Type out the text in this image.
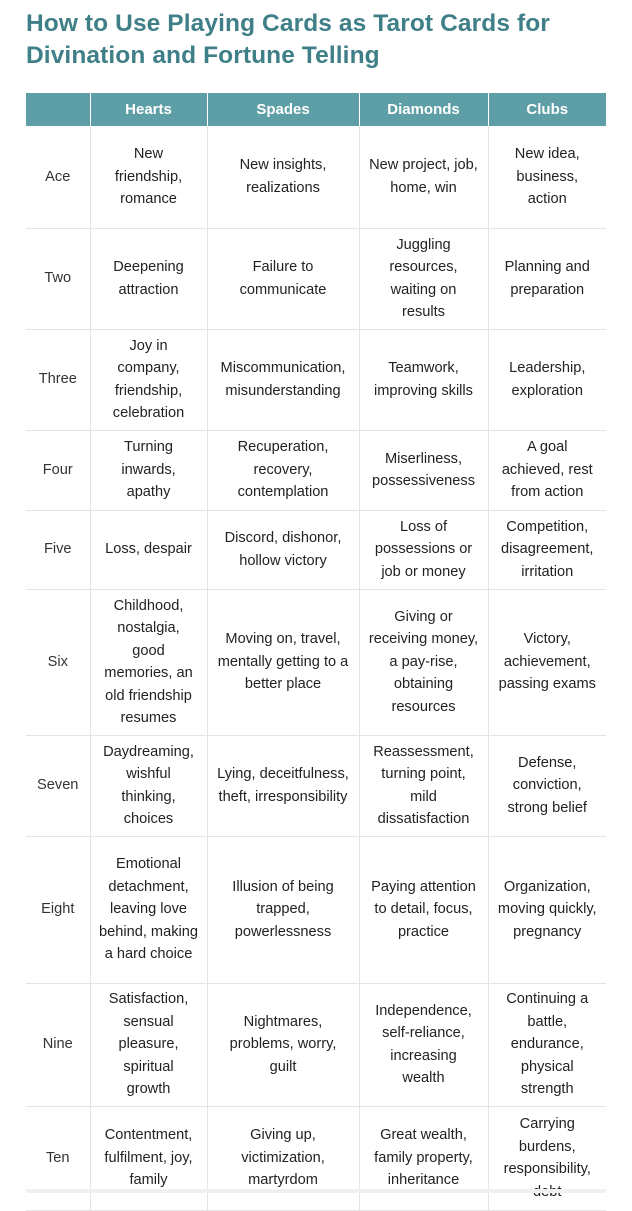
How to Use Playing Cards as Tarot Cards for Divination and Fortune Telling
	Hearts	Spades	Diamonds	Clubs
Ace	New friendship, romance	New insights, realizations	New project, job, home, win	New idea, business, action
Two	Deepening attraction	Failure to communicate	Juggling resources, waiting on results	Planning and preparation
Three	Joy in company, friendship, celebration	Miscommunication, misunderstanding	Teamwork, improving skills	Leadership, exploration
Four	Turning inwards, apathy	Recuperation, recovery, contemplation	Miserliness, possessiveness	A goal achieved, rest from action
Five	Loss, despair	Discord, dishonor, hollow victory	Loss of possessions or job or money	Competition, disagreement, irritation
Six	Childhood, nostalgia, good memories, an old friendship resumes	Moving on, travel, mentally getting to a better place	Giving or receiving money, a pay-rise, obtaining resources	Victory, achievement, passing exams
Seven	Daydreaming, wishful thinking, choices	Lying, deceitfulness, theft, irresponsibility	Reassessment, turning point, mild dissatisfaction	Defense, conviction, strong belief
Eight	Emotional detachment, leaving love behind, making a hard choice	Illusion of being trapped, powerlessness	Paying attention to detail, focus, practice	Organization, moving quickly, pregnancy
Nine	Satisfaction, sensual pleasure, spiritual growth	Nightmares, problems, worry, guilt	Independence, self-reliance, increasing wealth	Continuing a battle, endurance, physical strength
Ten	Contentment, fulfilment, joy, family	Giving up, victimization, martyrdom	Great wealth, family property, inheritance	Carrying burdens, responsibility,
